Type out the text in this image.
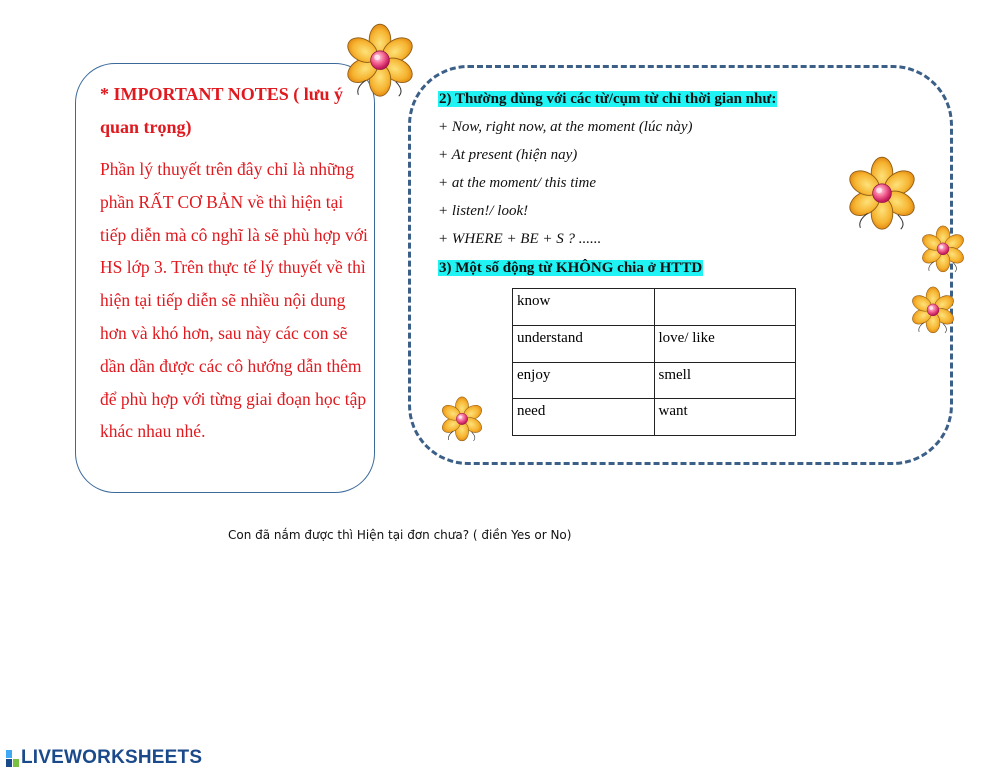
* IMPORTANT NOTES ( lưu ý quan trọng)
Phần lý thuyết trên đây chỉ là những phần RẤT CƠ BẢN về thì hiện tại tiếp diễn mà cô nghĩ là sẽ phù hợp với HS lớp 3. Trên thực tế lý thuyết về thì hiện tại tiếp diễn sẽ nhiều nội dung hơn và khó hơn, sau này các con sẽ dần dần được các cô hướng dẫn thêm để phù hợp với từng giai đoạn học tập khác nhau nhé.
2) Thường dùng với các từ/cụm từ chỉ thời gian như:
+ Now, right now, at the moment (lúc này)
+ At present (hiện nay)
+ at the moment/ this time
+ listen!/ look!
+ WHERE + BE + S ? ......
3) Một số động từ KHÔNG chia ở HTTD
know	
understand	love/ like
enjoy	smell
need	want
Con đã nắm được thì Hiện tại đơn chưa? ( điền Yes or No)
LIVEWORKSHEETS
